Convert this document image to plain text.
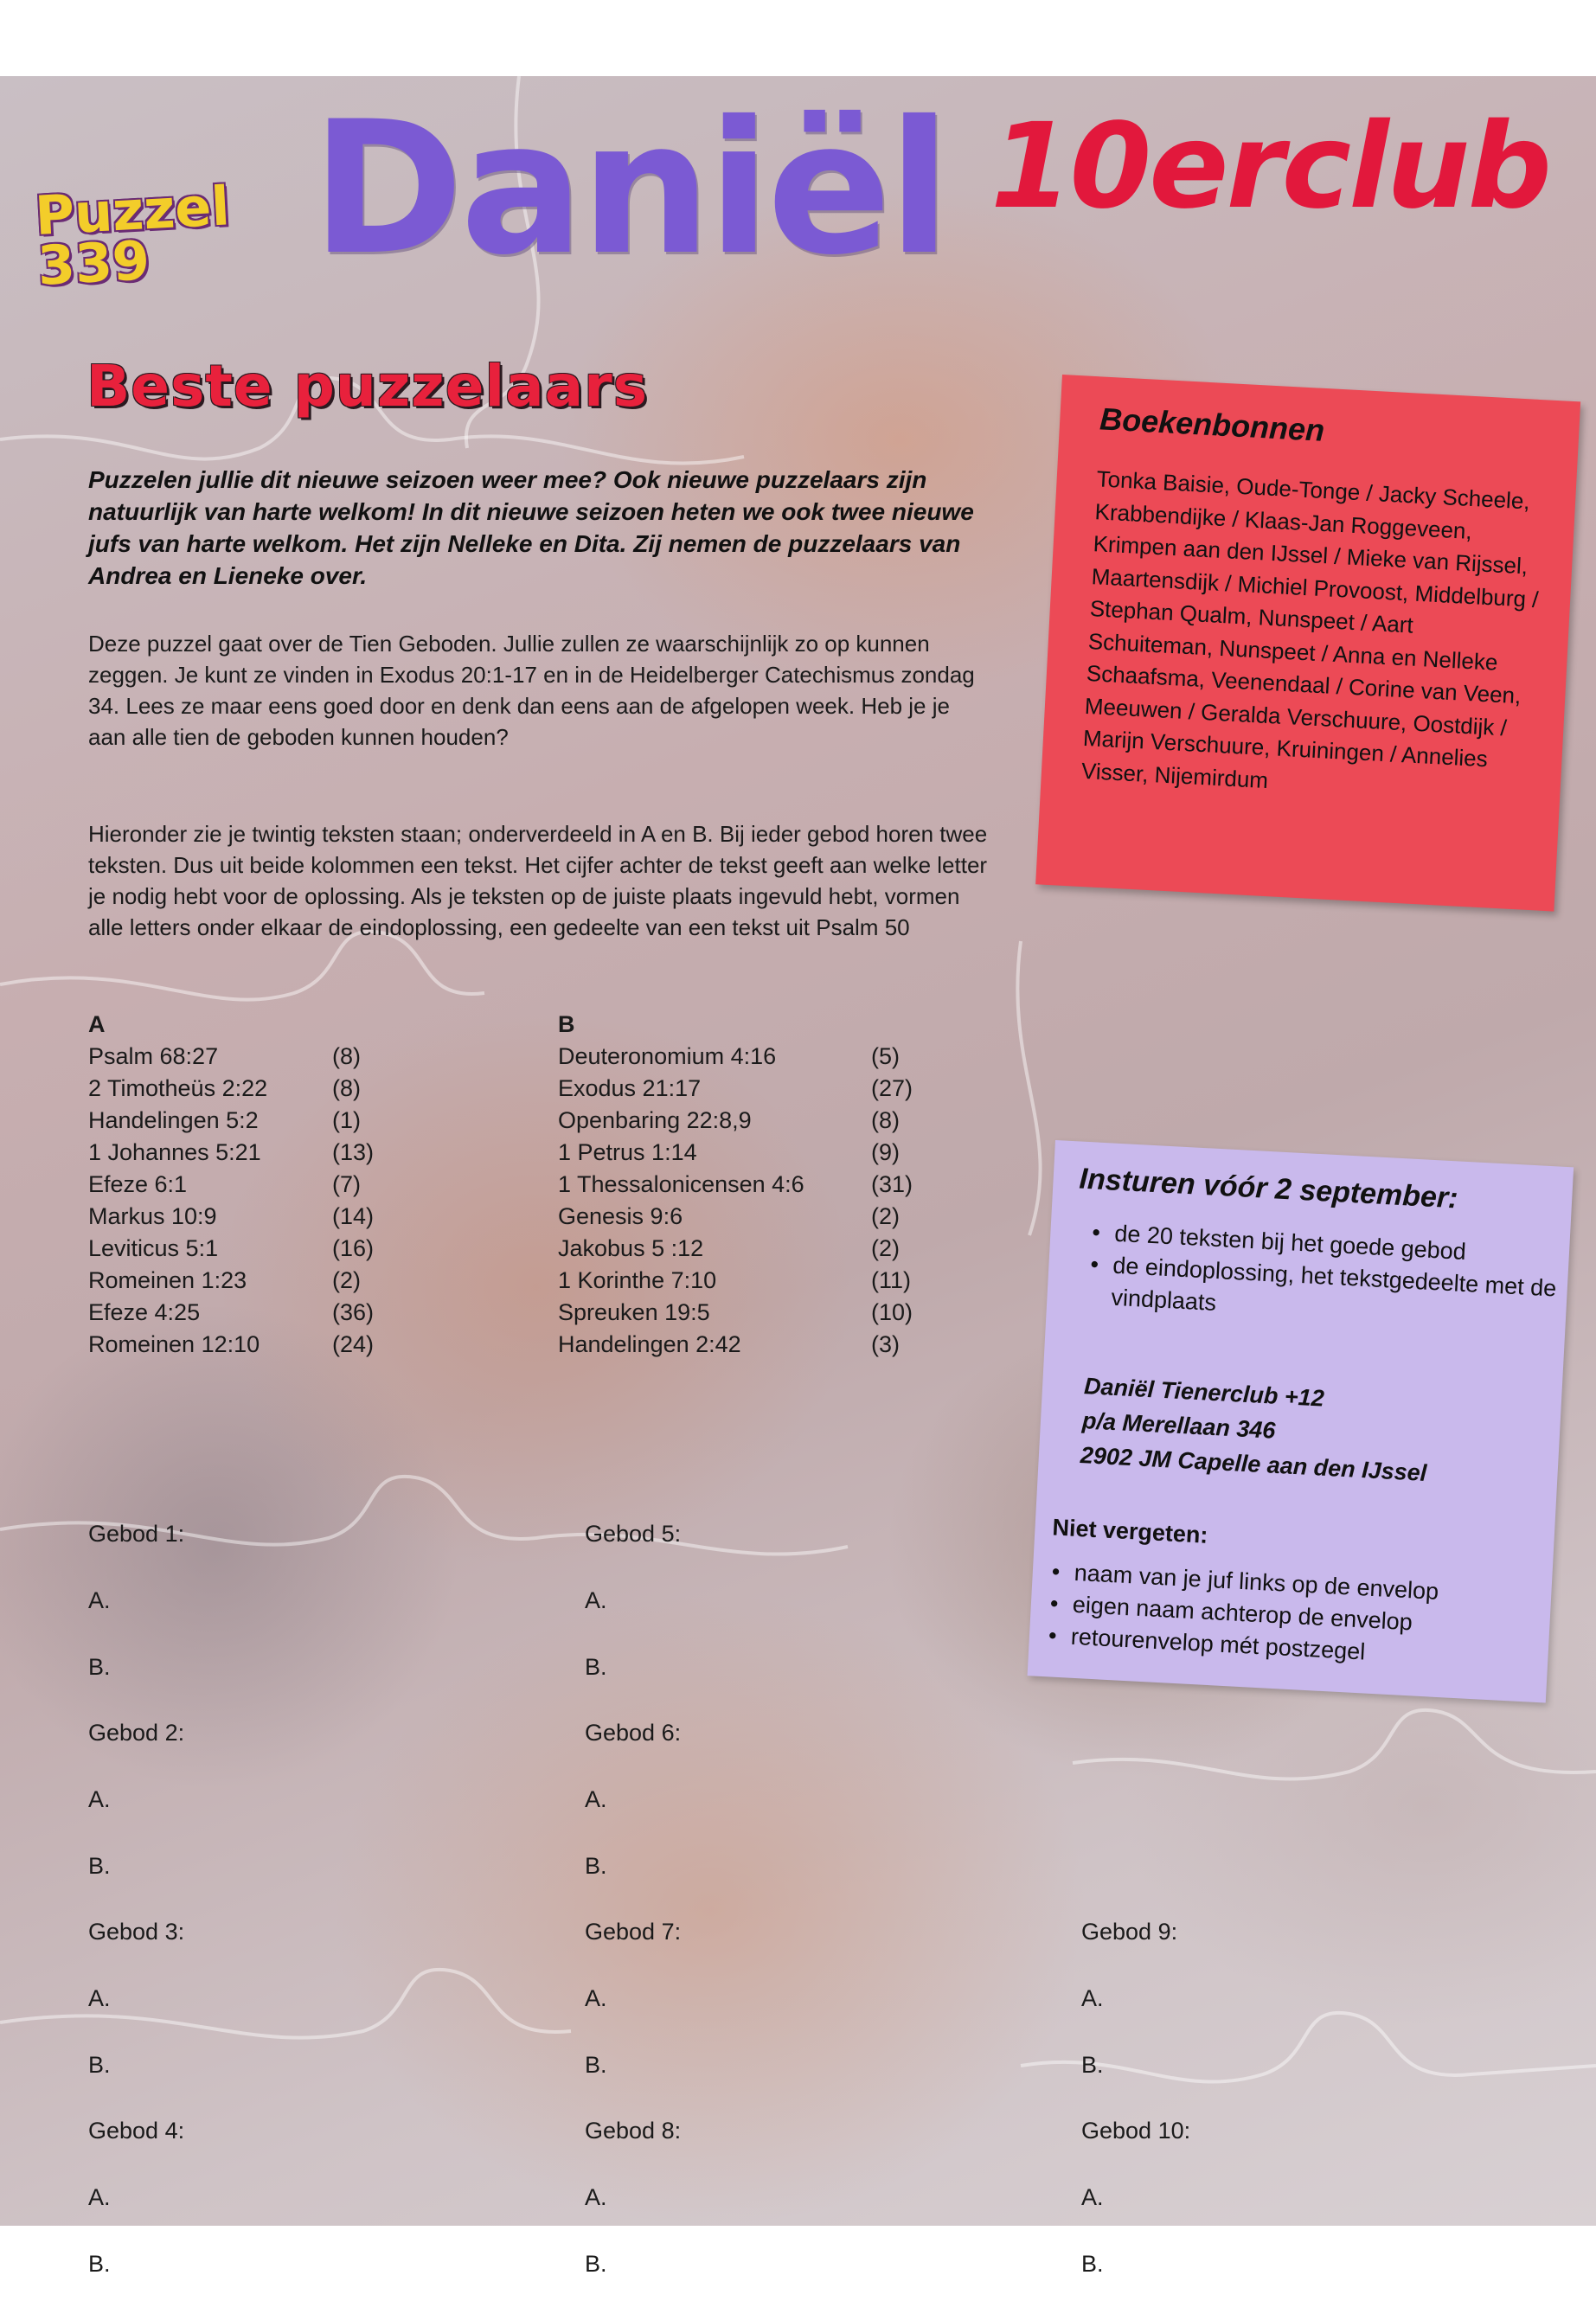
Puzzel
339 Daniël 10erclub
Beste puzzelaars
Puzzelen jullie dit nieuwe seizoen weer mee? Ook nieuwe puzzelaars zijn natuurlijk van harte welkom! In dit nieuwe seizoen heten we ook twee nieuwe jufs van harte welkom. Het zijn Nelleke en Dita. Zij nemen de puzzelaars van Andrea en Lieneke over.
Deze puzzel gaat over de Tien Geboden. Jullie zullen ze waarschijnlijk zo op kunnen zeggen. Je kunt ze vinden in Exodus 20:1-17 en in de Heidelberger Catechismus zondag 34. Lees ze maar eens goed door en denk dan eens aan de afgelopen week. Heb je je aan alle tien de geboden kunnen houden?
Hieronder zie je twintig teksten staan; onderverdeeld in A en B. Bij ieder gebod horen twee teksten. Dus uit beide kolommen een tekst. Het cijfer achter de tekst geeft aan welke letter je nodig hebt voor de oplossing. Als je teksten op de juiste plaats ingevuld hebt, vormen alle letters onder elkaar de eindoplossing, een gedeelte van een tekst uit Psalm 50
A
Psalm 68:27	(8)
2 Timotheüs 2:22	(8)
Handelingen 5:2	(1)
1 Johannes 5:21	(13)
Efeze 6:1	(7)
Markus 10:9	(14)
Leviticus 5:1	(16)
Romeinen 1:23	(2)
Efeze 4:25	(36)
Romeinen 12:10	(24)
B
Deuteronomium 4:16	(5)
Exodus 21:17	(27)
Openbaring 22:8,9	(8)
1 Petrus 1:14	(9)
1 Thessalonicensen 4:6	(31)
Genesis 9:6	(2)
Jakobus 5 :12	(2)
1 Korinthe 7:10	(11)
Spreuken 19:5	(10)
Handelingen 2:42	(3)
Gebod 1:
A.
B.
Gebod 2:
A.
B.
Gebod 3:
A.
B.
Gebod 4:
A.
B.
Gebod 5:
A.
B.
Gebod 6:
A.
B.
Gebod 7:
A.
B.
Gebod 8:
A.
B.
Gebod 9:
A.
B.
Gebod 10:
A.
B.
Boekenbonnen
Tonka Baisie, Oude-Tonge / Jacky Scheele, Krabbendijke / Klaas-Jan Roggeveen, Krimpen aan den IJssel / Mieke van Rijssel, Maartensdijk / Michiel Provoost, Middelburg / Stephan Qualm, Nunspeet / Aart Schuiteman, Nunspeet / Anna en Nelleke Schaafsma, Veenendaal / Corine van Veen, Meeuwen / Geralda Verschuure, Oostdijk / Marijn Verschuure, Kruiningen / Annelies Visser, Nijemirdum
Insturen vóór 2 september:
• de 20 teksten bij het goede gebod
• de eindoplossing, het tekstgedeelte met de vindplaats
Daniël Tienerclub +12
p/a Merellaan 346
2902 JM Capelle aan den IJssel
Niet vergeten:
• naam van je juf links op de envelop
• eigen naam achterop de envelop
• retourenvelop mét postzegel
